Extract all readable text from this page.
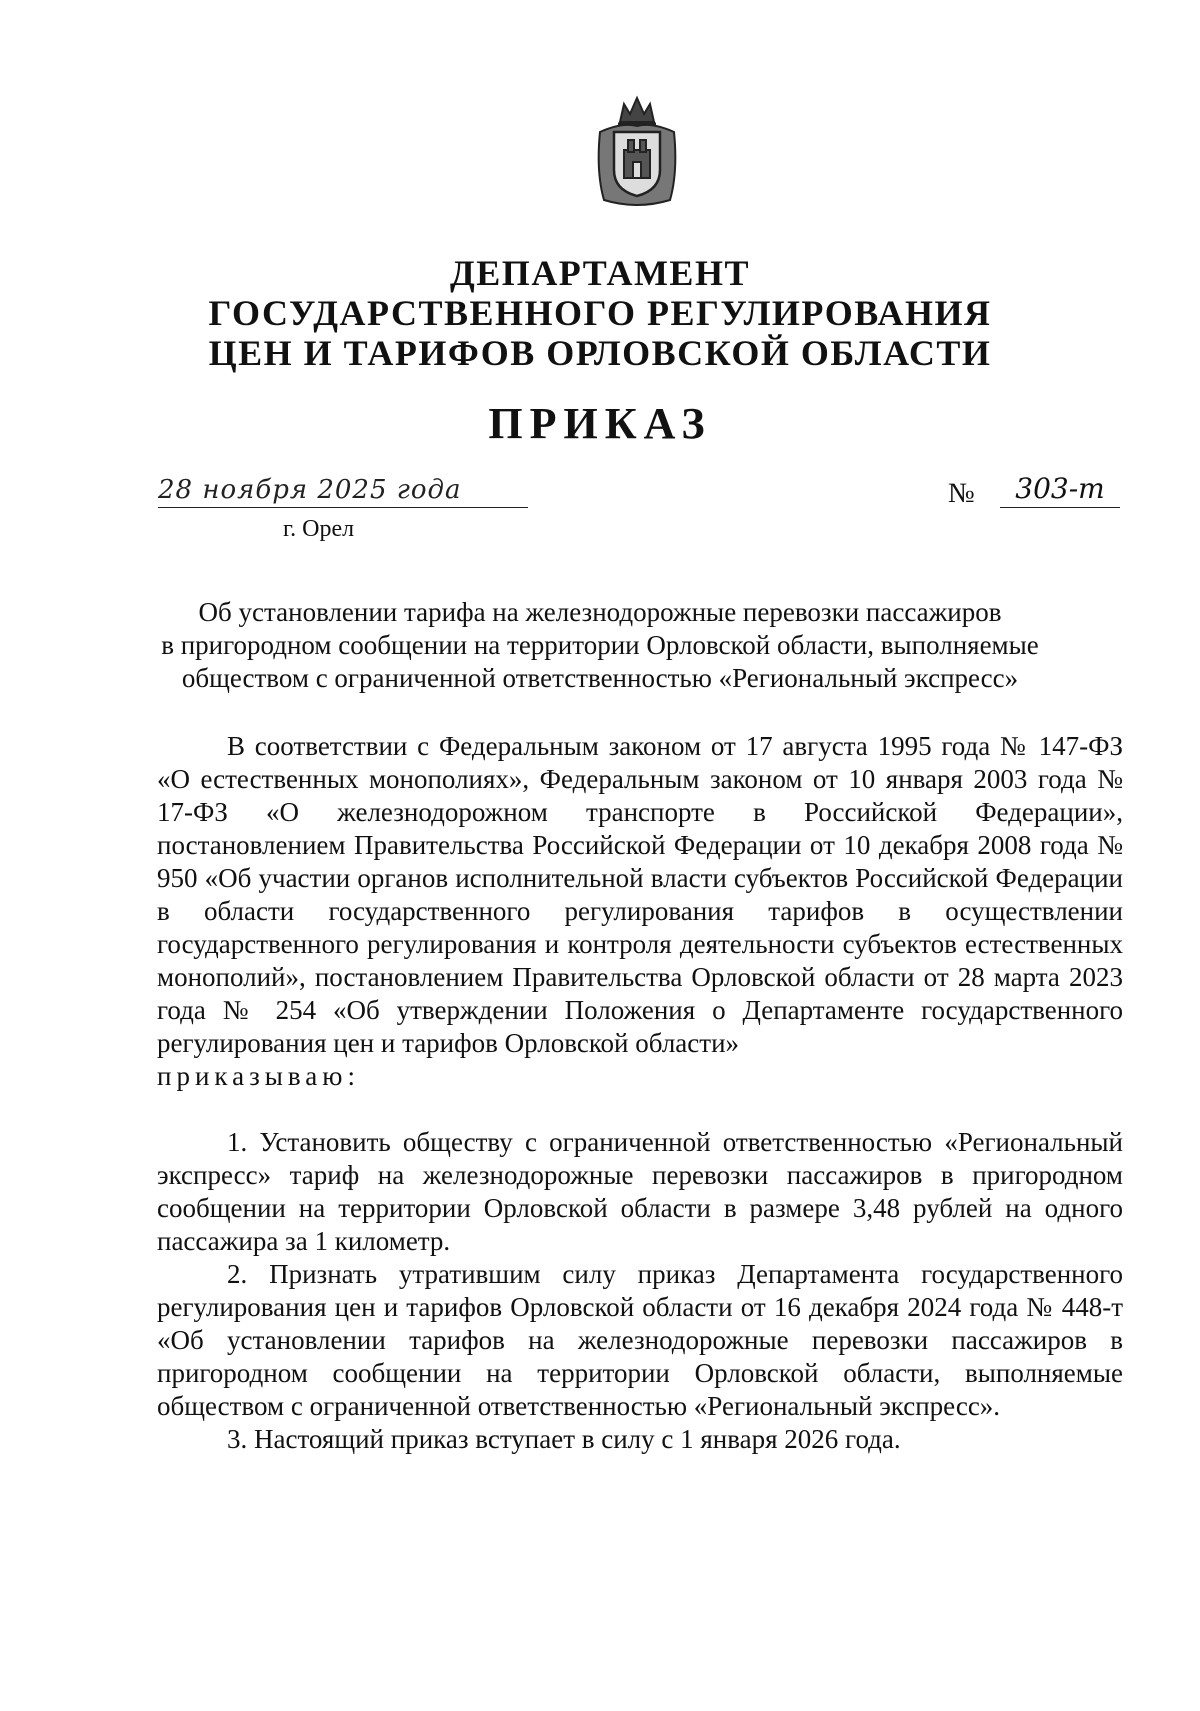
ДЕПАРТАМЕНТ
ГОСУДАРСТВЕННОГО РЕГУЛИРОВАНИЯ
ЦЕН И ТАРИФОВ ОРЛОВСКОЙ ОБЛАСТИ
ПРИКАЗ
28 ноября 2025 года
г. Орел
№	303-т
Об установлении тарифа на железнодорожные перевозки пассажиров
в пригородном сообщении на территории Орловской области, выполняемые
обществом с ограниченной ответственностью «Региональный экспресс»

В соответствии с Федеральным законом от 17 августа 1995 года № 147-ФЗ «О естественных монополиях», Федеральным законом от 10 января 2003 года № 17-ФЗ «О железнодорожном транспорте в Российской Федерации», постановлением Правительства Российской Федерации от 10 декабря 2008 года № 950 «Об участии органов исполнительной власти субъектов Российской Федерации в области государственного регулирования тарифов в осуществлении государственного регулирования и контроля деятельности субъектов естественных монополий», постановлением Правительства Орловской области от 28 марта 2023 года № 254 «Об утверждении Положения о Департаменте государственного регулирования цен и тарифов Орловской области»
приказываю:

1. Установить обществу с ограниченной ответственностью «Региональный экспресс» тариф на железнодорожные перевозки пассажиров в пригородном сообщении на территории Орловской области в размере 3,48 рублей на одного пассажира за 1 километр.

2. Признать утратившим силу приказ Департамента государственного регулирования цен и тарифов Орловской области от 16 декабря 2024 года № 448-т «Об установлении тарифов на железнодорожные перевозки пассажиров в пригородном сообщении на территории Орловской области, выполняемые обществом с ограниченной ответственностью «Региональный экспресс».

3. Настоящий приказ вступает в силу с 1 января 2026 года.
